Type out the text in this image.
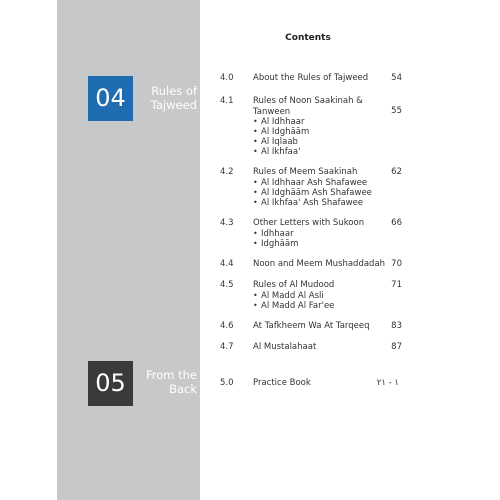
04	Rules of
Tajweed
05	From the
Back
Contents
4.0 About the Rules of Tajweed	54
4.1 Rules of Noon Saakinah &
Tanween	55
• Al Idhhaar
• Al Idghāām
• Al Iqlaab
• Al Ikhfaa'
4.2 Rules of Meem Saakinah	62
• Al Idhhaar Ash Shafawee
• Al Idghāām Ash Shafawee
• Al Ikhfaa' Ash Shafawee
4.3 Other Letters with Sukoon	66
• Idhhaar
• Idghāām
4.4 Noon and Meem Mushaddadah 70
4.5 Rules of Al Mudood	71
• Al Madd Al Asli
• Al Madd Al Far'ee
4.6 At Tafkheem Wa At Tarqeeq	83
4.7 Al Mustalahaat	87
5.0 Practice Book	١ - ٢١
